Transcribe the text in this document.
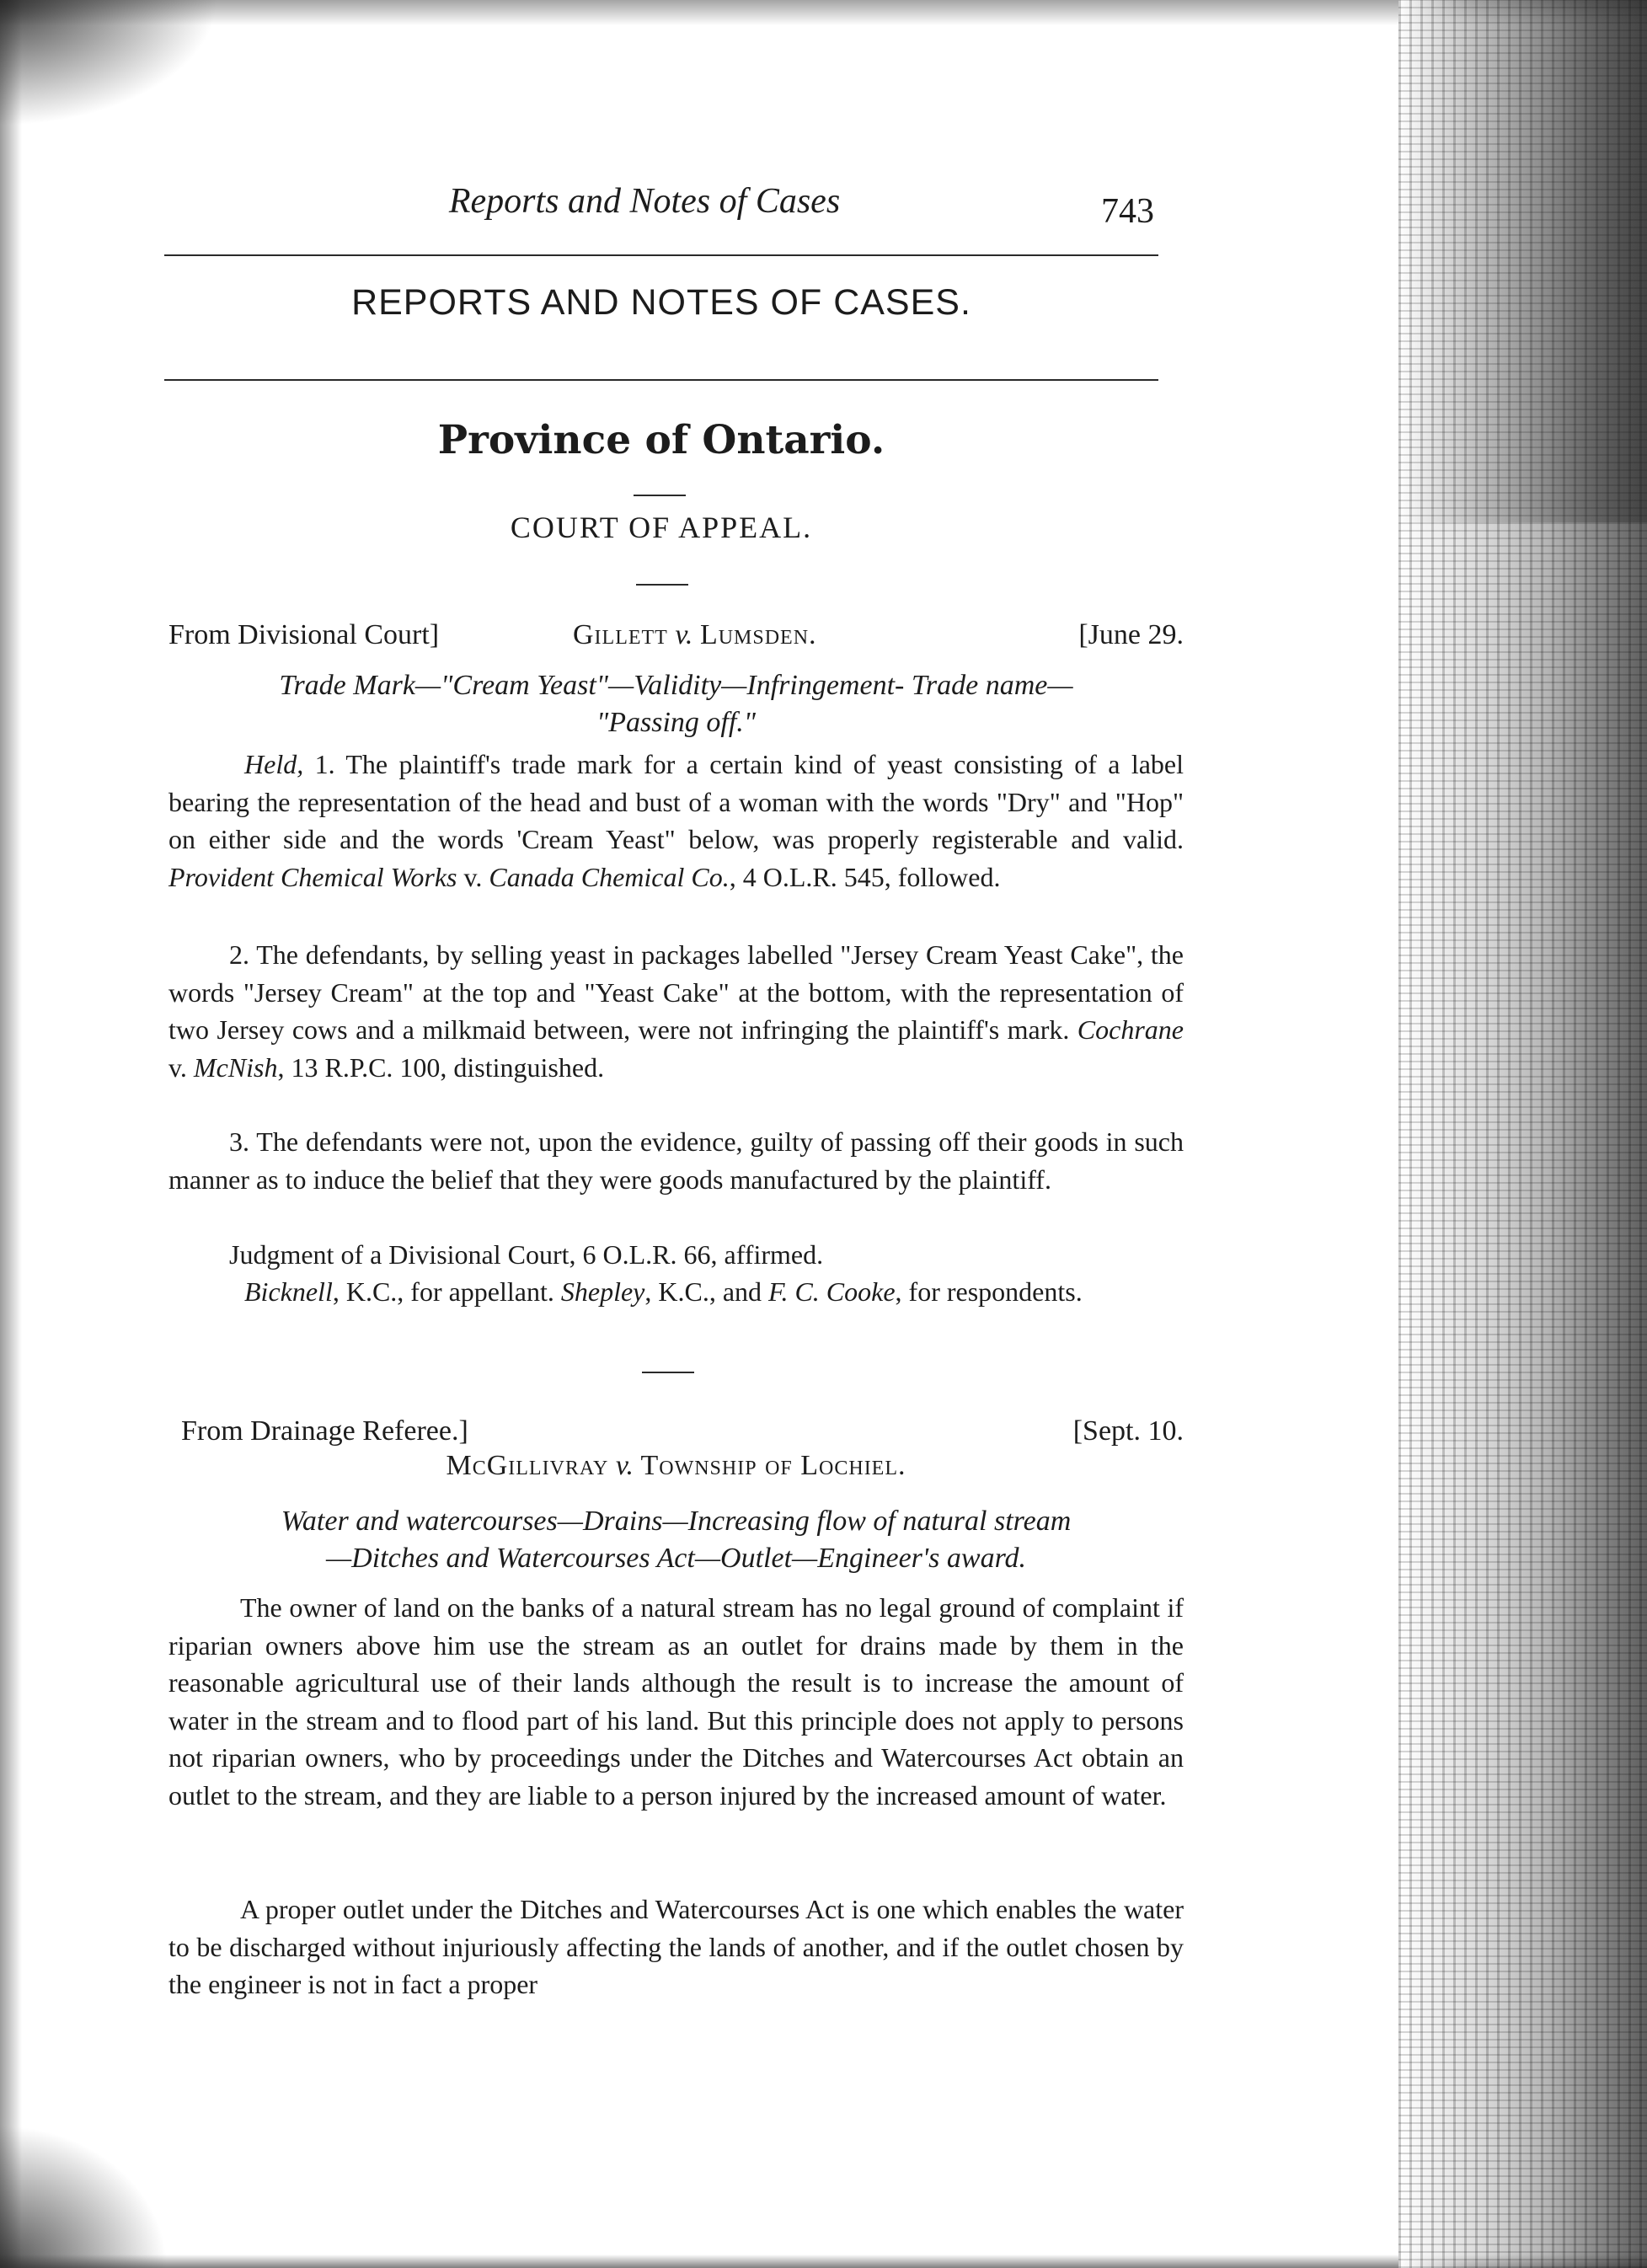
Reports and Notes of Cases	743
REPORTS AND NOTES OF CASES.
Province of Ontario.
COURT OF APPEAL.
From Divisional Court]	Gillett v. Lumsden.	[June 29.
Trade Mark—"Cream Yeast"—Validity—Infringement- Trade name—
"Passing off."

Held, 1. The plaintiff's trade mark for a certain kind of yeast consisting of a label bearing the representation of the head and bust of a woman with the words "Dry" and "Hop" on either side and the words 'Cream Yeast" below, was properly registerable and valid. Provident Chemical Works v. Canada Chemical Co., 4 O.L.R. 545, followed.

2. The defendants, by selling yeast in packages labelled "Jersey Cream Yeast Cake", the words "Jersey Cream" at the top and "Yeast Cake" at the bottom, with the representation of two Jersey cows and a milkmaid between, were not infringing the plaintiff's mark. Cochrane v. McNish, 13 R.P.C. 100, distinguished.

3. The defendants were not, upon the evidence, guilty of passing off their goods in such manner as to induce the belief that they were goods manufactured by the plaintiff.

Judgment of a Divisional Court, 6 O.L.R. 66, affirmed.

Bicknell, K.C., for appellant. Shepley, K.C., and F. C. Cooke, for respondents.

From Drainage Referee.]	[Sept. 10.
McGillivray v. Township of Lochiel.
Water and watercourses—Drains—Increasing flow of natural stream
—Ditches and Watercourses Act—Outlet—Engineer's award.

The owner of land on the banks of a natural stream has no legal ground of complaint if riparian owners above him use the stream as an outlet for drains made by them in the reasonable agricultural use of their lands although the result is to increase the amount of water in the stream and to flood part of his land. But this principle does not apply to persons not riparian owners, who by proceedings under the Ditches and Watercourses Act obtain an outlet to the stream, and they are liable to a person injured by the increased amount of water.

A proper outlet under the Ditches and Watercourses Act is one which enables the water to be discharged without injuriously affecting the lands of another, and if the outlet chosen by the engineer is not in fact a proper
